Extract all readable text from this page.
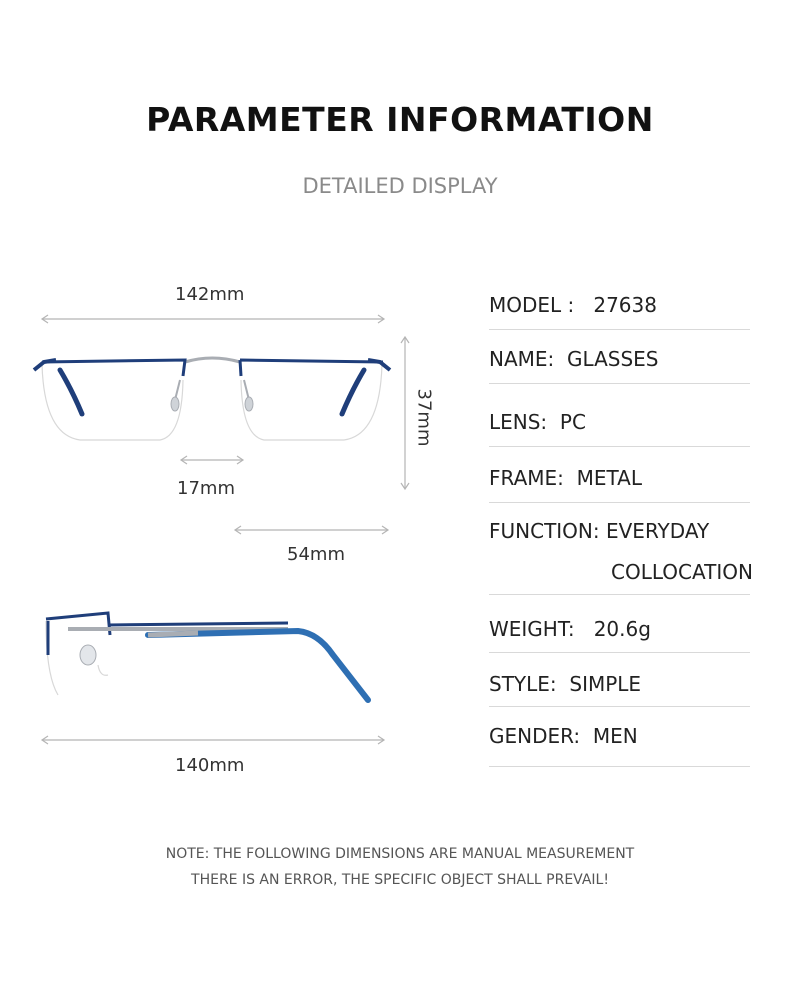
PARAMETER INFORMATION
DETAILED DISPLAY
142mm
17mm
54mm
37mm
140mm
MODEL :   27638
NAME:  GLASSES
LENS:  PC
FRAME:  METAL
FUNCTION: EVERYDAY
COLLOCATION
WEIGHT:   20.6g
STYLE:  SIMPLE
GENDER:  MEN
NOTE: THE FOLLOWING DIMENSIONS ARE MANUAL MEASUREMENT
THERE IS AN ERROR, THE SPECIFIC OBJECT SHALL PREVAIL!
